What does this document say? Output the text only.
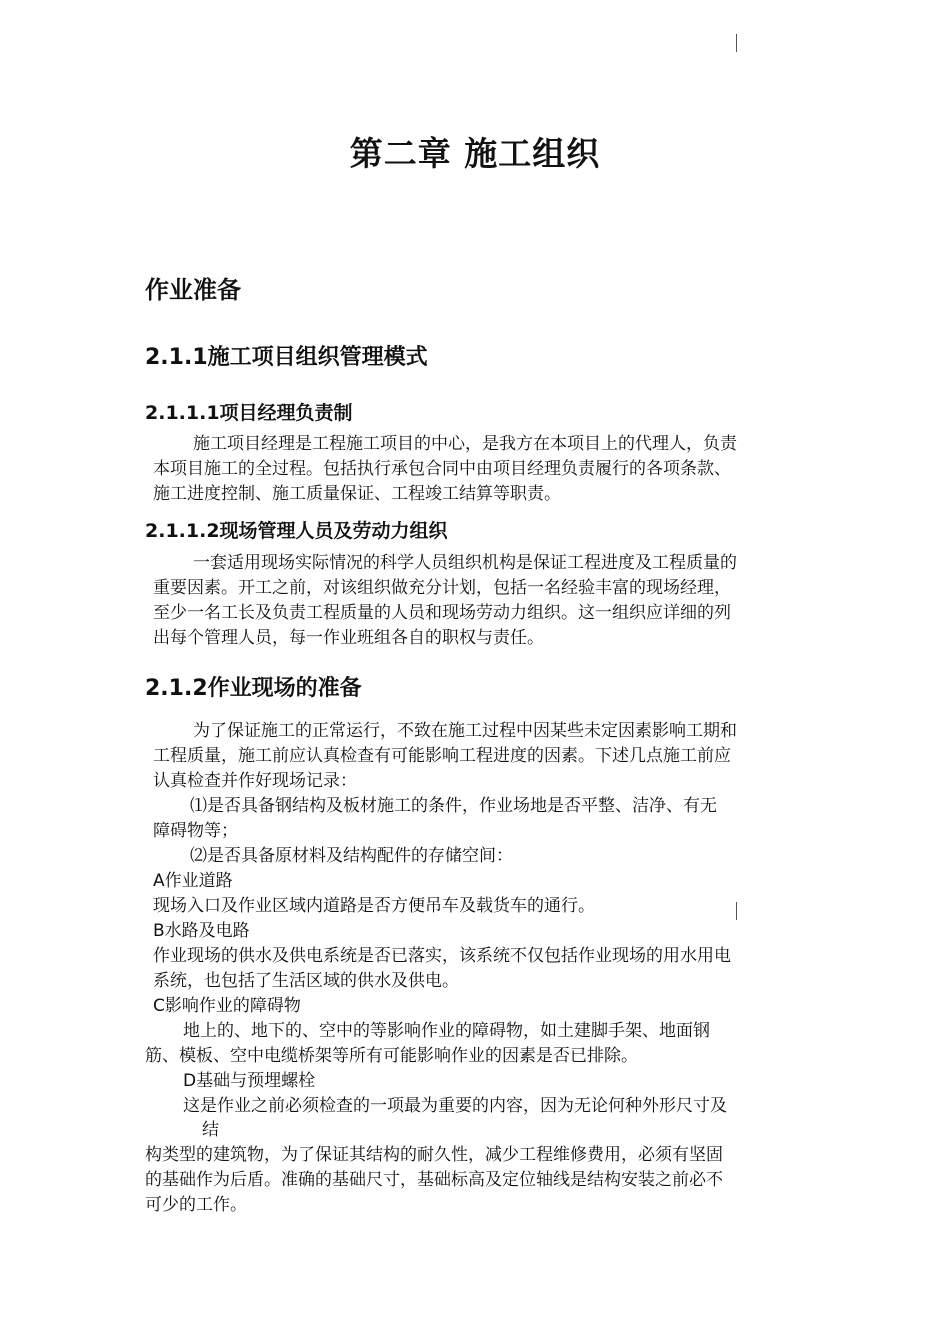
第二章 施工组织
作业准备
2.1.1施工项目组织管理模式
2.1.1.1项目经理负责制
施工项目经理是工程施工项目的中心，是我方在本项目上的代理人，负责
本项目施工的全过程。包括执行承包合同中由项目经理负责履行的各项条款、
施工进度控制、施工质量保证、工程竣工结算等职责。
2.1.1.2现场管理人员及劳动力组织
一套适用现场实际情况的科学人员组织机构是保证工程进度及工程质量的
重要因素。开工之前，对该组织做充分计划，包括一名经验丰富的现场经理，
至少一名工长及负责工程质量的人员和现场劳动力组织。这一组织应详细的列
出每个管理人员，每一作业班组各自的职权与责任。
2.1.2作业现场的准备
为了保证施工的正常运行，不致在施工过程中因某些未定因素影响工期和
工程质量，施工前应认真检查有可能影响工程进度的因素。下述几点施工前应
认真检查并作好现场记录：
⑴是否具备钢结构及板材施工的条件，作业场地是否平整、洁净、有无
障碍物等；
⑵是否具备原材料及结构配件的存储空间：
A作业道路
现场入口及作业区域内道路是否方便吊车及载货车的通行。
B水路及电路
作业现场的供水及供电系统是否已落实，该系统不仅包括作业现场的用水用电
系统，也包括了生活区域的供水及供电。
C影响作业的障碍物
地上的、地下的、空中的等影响作业的障碍物，如土建脚手架、地面钢
筋、模板、空中电缆桥架等所有可能影响作业的因素是否已排除。
D基础与预埋螺栓
这是作业之前必须检查的一项最为重要的内容，因为无论何种外形尺寸及
结
构类型的建筑物，为了保证其结构的耐久性，减少工程维修费用，必须有坚固
的基础作为后盾。准确的基础尺寸，基础标高及定位轴线是结构安装之前必不
可少的工作。
